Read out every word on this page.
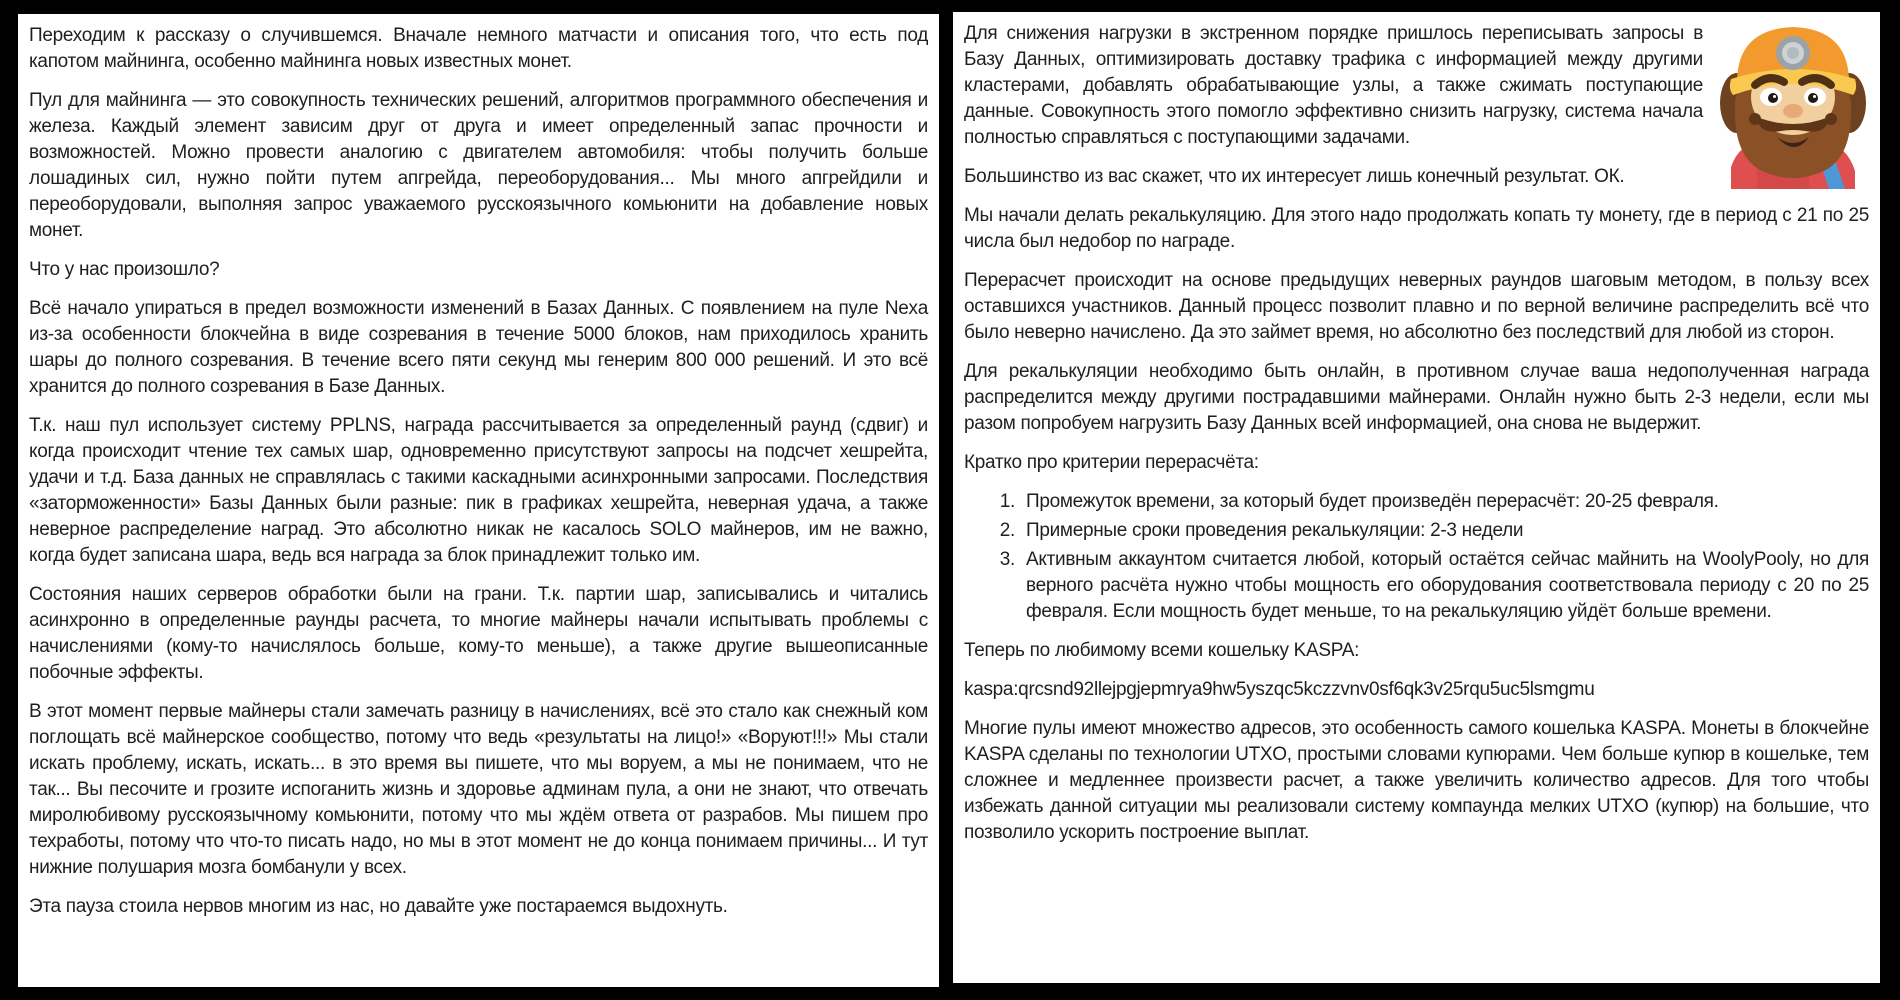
Переходим к рассказу о случившемся. Вначале немного матчасти и описания того, что есть под капотом майнинга, особенно майнинга новых известных монет.

Пул для майнинга — это совокупность технических решений, алгоритмов программного обеспечения и железа. Каждый элемент зависим друг от друга и имеет определенный запас прочности и возможностей. Можно провести аналогию с двигателем автомобиля: чтобы получить больше лошадиных сил, нужно пойти путем апгрейда, переоборудования... Мы много апгрейдили и переоборудовали, выполняя запрос уважаемого русскоязычного комьюнити на добавление новых монет.

Что у нас произошло?

Всё начало упираться в предел возможности изменений в Базах Данных. С появлением на пуле Nexa из-за особенности блокчейна в виде созревания в течение 5000 блоков, нам приходилось хранить шары до полного созревания. В течение всего пяти секунд мы генерим 800 000 решений. И это всё хранится до полного созревания в Базе Данных.

Т.к. наш пул использует систему PPLNS, награда рассчитывается за определенный раунд (сдвиг) и когда происходит чтение тех самых шар, одновременно присутствуют запросы на подсчет хешрейта, удачи и т.д. База данных не справлялась с такими каскадными асинхронными запросами. Последствия «заторможенности» Базы Данных были разные: пик в графиках хешрейта, неверная удача, а также неверное распределение наград. Это абсолютно никак не касалось SOLO майнеров, им не важно, когда будет записана шара, ведь вся награда за блок принадлежит только им.

Состояния наших серверов обработки были на грани. Т.к. партии шар, записывались и читались асинхронно в определенные раунды расчета, то многие майнеры начали испытывать проблемы с начислениями (кому-то начислялось больше, кому-то меньше), а также другие вышеописанные побочные эффекты.

В этот момент первые майнеры стали замечать разницу в начислениях, всё это стало как снежный ком поглощать всё майнерское сообщество, потому что ведь «результаты на лицо!» «Воруют!!!» Мы стали искать проблему, искать, искать... в это время вы пишете, что мы воруем, а мы не понимаем, что не так... Вы песочите и грозите испоганить жизнь и здоровье админам пула, а они не знают, что отвечать миролюбивому русскоязычному комьюнити, потому что мы ждём ответа от разрабов. Мы пишем про техработы, потому что что-то писать надо, но мы в этот момент не до конца понимаем причины... И тут нижние полушария мозга бомбанули у всех.

Эта пауза стоила нервов многим из нас, но давайте уже постараемся выдохнуть.

Для снижения нагрузки в экстренном порядке пришлось переписывать запросы в Базу Данных, оптимизировать доставку трафика с информацией между другими кластерами, добавлять обрабатывающие узлы, а также сжимать поступающие данные. Совокупность этого помогло эффективно снизить нагрузку, система начала полностью справляться с поступающими задачами.

Большинство из вас скажет, что их интересует лишь конечный результат. ОК.

Мы начали делать рекалькуляцию. Для этого надо продолжать копать ту монету, где в период с 21 по 25 числа был недобор по награде.

Перерасчет происходит на основе предыдущих неверных раундов шаговым методом, в пользу всех оставшихся участников. Данный процесс позволит плавно и по верной величине распределить всё что было неверно начислено. Да это займет время, но абсолютно без последствий для любой из сторон.

Для рекалькуляции необходимо быть онлайн, в противном случае ваша недополученная награда распределится между другими пострадавшими майнерами. Онлайн нужно быть 2-3 недели, если мы разом попробуем нагрузить Базу Данных всей информацией, она снова не выдержит.

Кратко про критерии перерасчёта:

1. Промежуток времени, за который будет произведён перерасчёт: 20-25 февраля.
2. Примерные сроки проведения рекалькуляции: 2-3 недели
3. Активным аккаунтом считается любой, который остаётся сейчас майнить на WoolyPooly, но для верного расчёта нужно чтобы мощность его оборудования соответствовала периоду с 20 по 25 февраля. Если мощность будет меньше, то на рекалькуляцию уйдёт больше времени.

Теперь по любимому всеми кошельку KASPA:

kaspa:qrcsnd92llejpgjepmrya9hw5yszqc5kczzvnv0sf6qk3v25rqu5uc5lsmgmu

Многие пулы имеют множество адресов, это особенность самого кошелька KASPA. Монеты в блокчейне KASPA сделаны по технологии UTXO, простыми словами купюрами. Чем больше купюр в кошельке, тем сложнее и медленнее произвести расчет, а также увеличить количество адресов. Для того чтобы избежать данной ситуации мы реализовали систему компаунда мелких UTXO (купюр) на большие, что позволило ускорить построение выплат.
